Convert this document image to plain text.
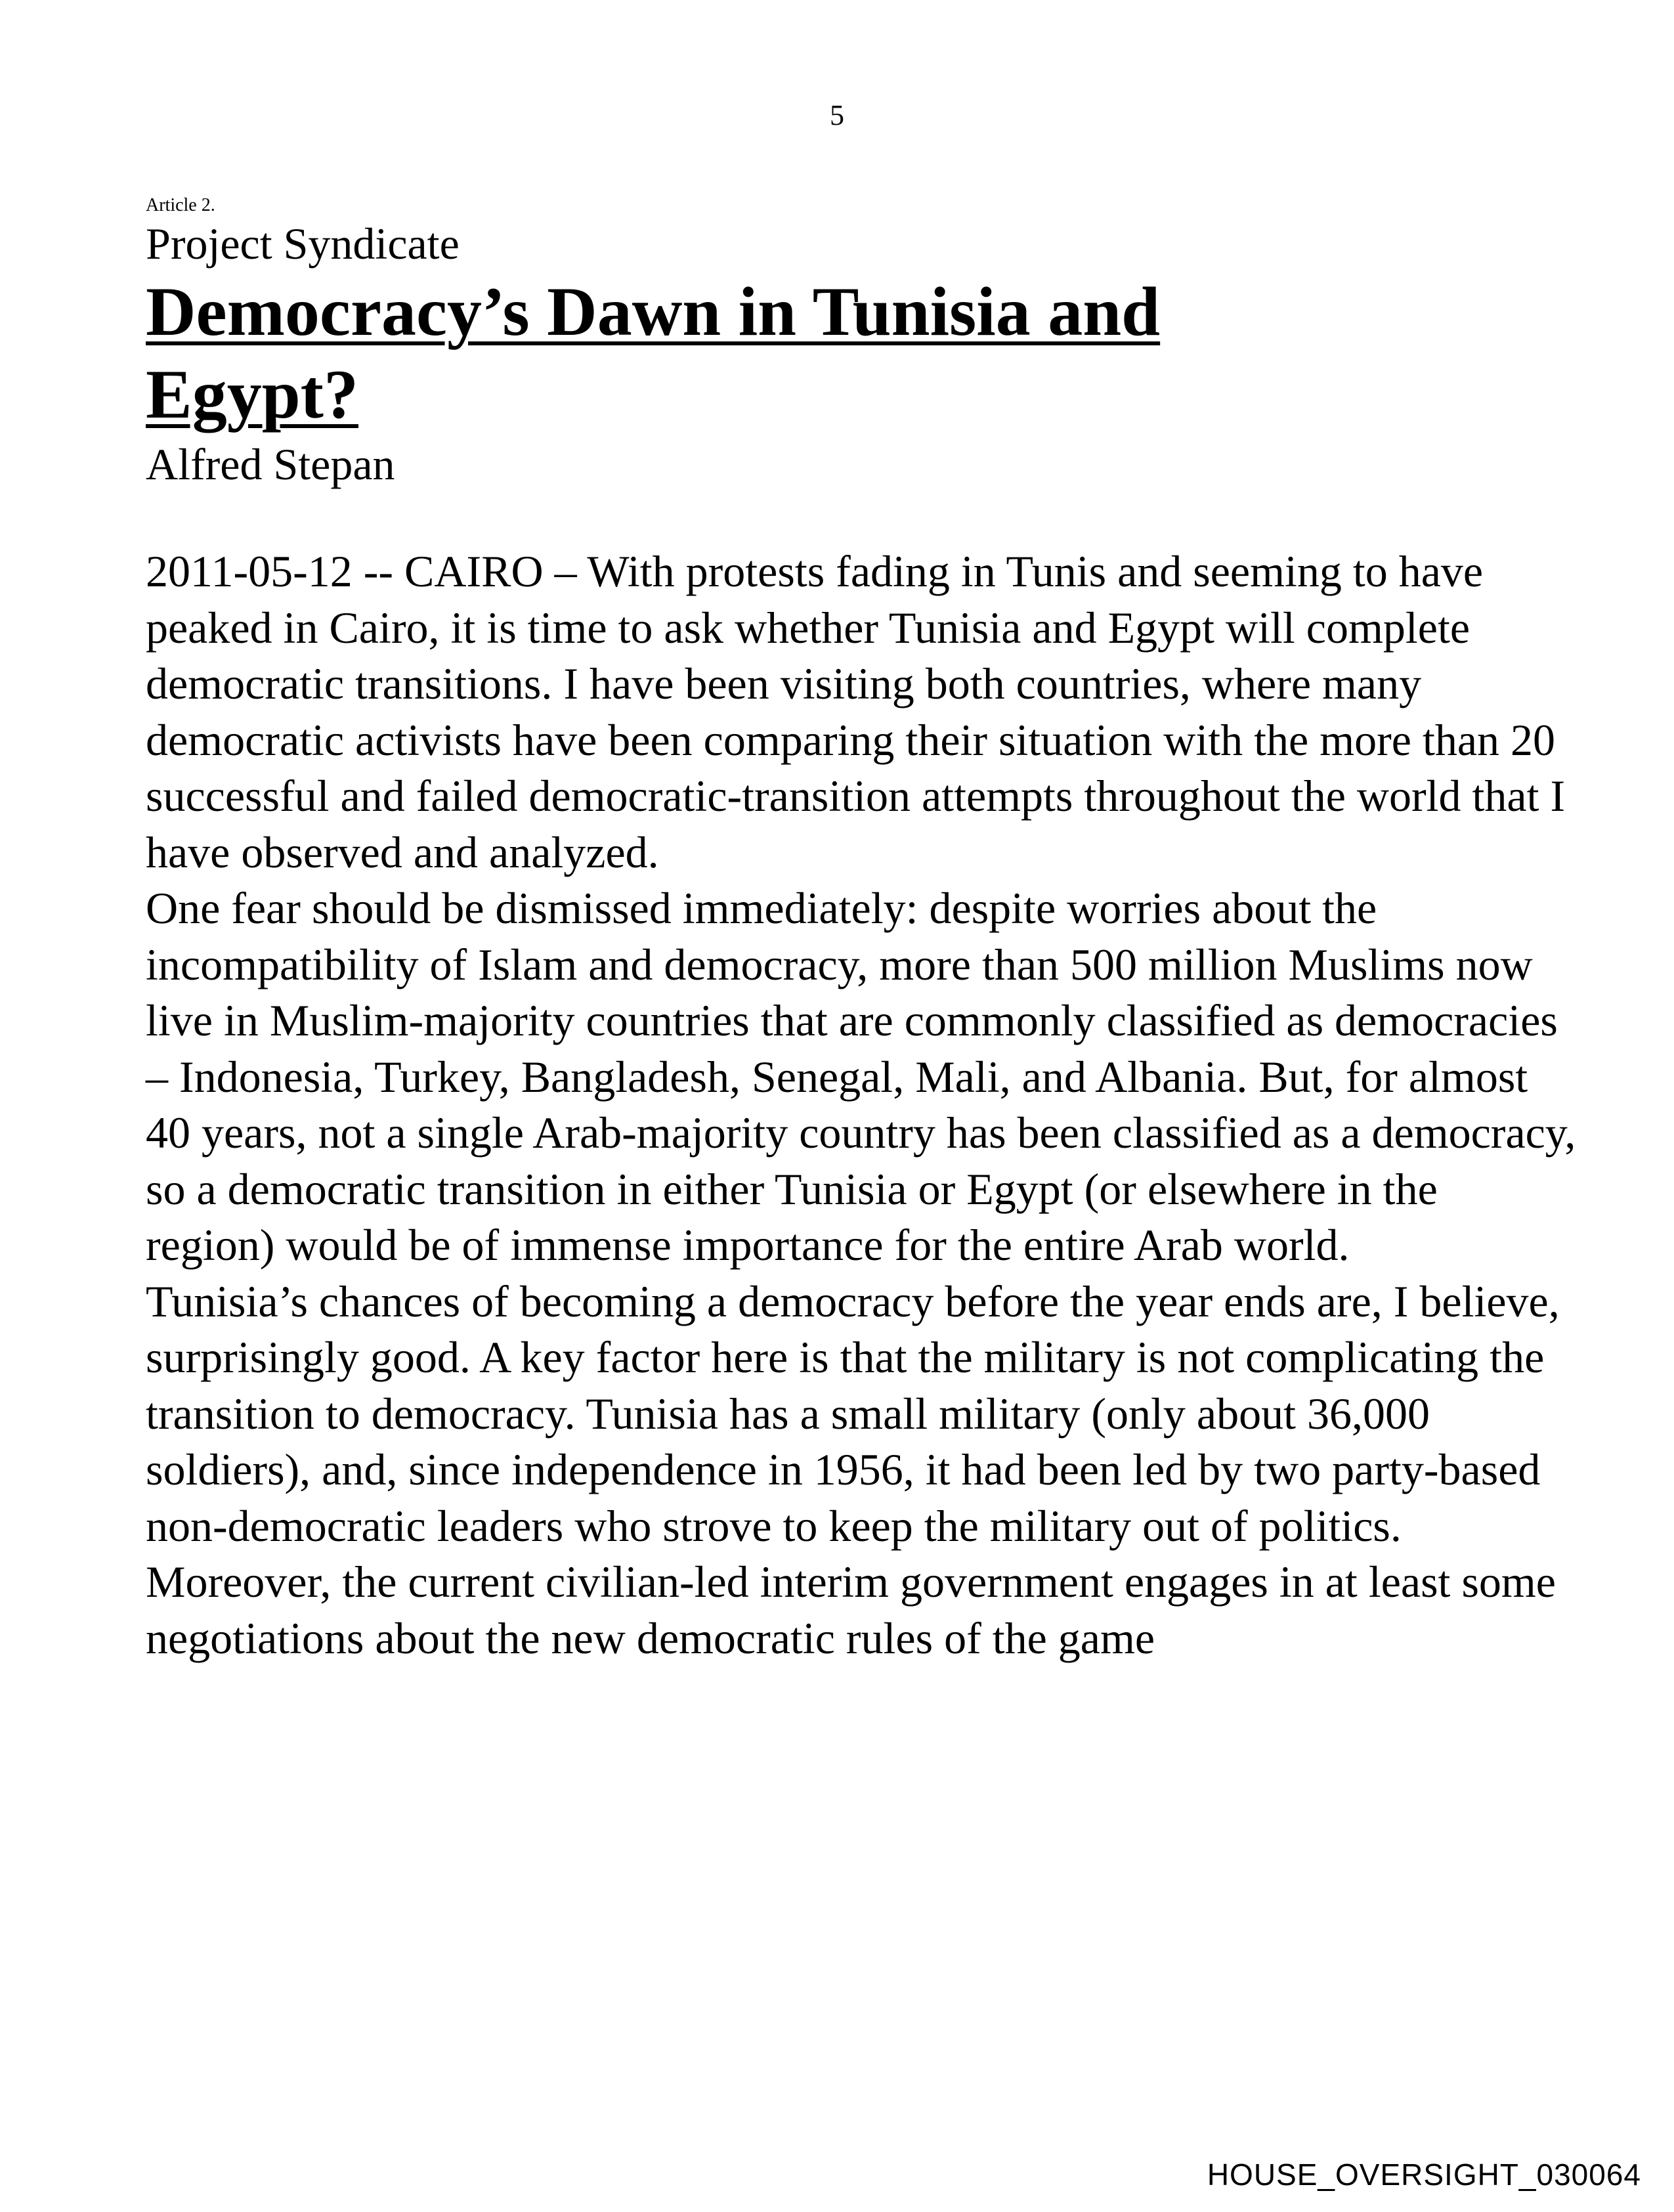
5

Article 2.

Project Syndicate

Democracy’s Dawn in Tunisia and Egypt?

Alfred Stepan

2011-05-12 -- CAIRO – With protests fading in Tunis and seeming to have peaked in Cairo, it is time to ask whether Tunisia and Egypt will complete democratic transitions. I have been visiting both countries, where many democratic activists have been comparing their situation with the more than 20 successful and failed democratic-transition attempts throughout the world that I have observed and analyzed.

One fear should be dismissed immediately: despite worries about the incompatibility of Islam and democracy, more than 500 million Muslims now live in Muslim-majority countries that are commonly classified as democracies – Indonesia, Turkey, Bangladesh, Senegal, Mali, and Albania. But, for almost 40 years, not a single Arab-majority country has been classified as a democracy, so a democratic transition in either Tunisia or Egypt (or elsewhere in the region) would be of immense importance for the entire Arab world.

Tunisia’s chances of becoming a democracy before the year ends are, I believe, surprisingly good. A key factor here is that the military is not complicating the transition to democracy. Tunisia has a small military (only about 36,000 soldiers), and, since independence in 1956, it had been led by two party-based non-democratic leaders who strove to keep the military out of politics.

Moreover, the current civilian-led interim government engages in at least some negotiations about the new democratic rules of the game

HOUSE_OVERSIGHT_030064
